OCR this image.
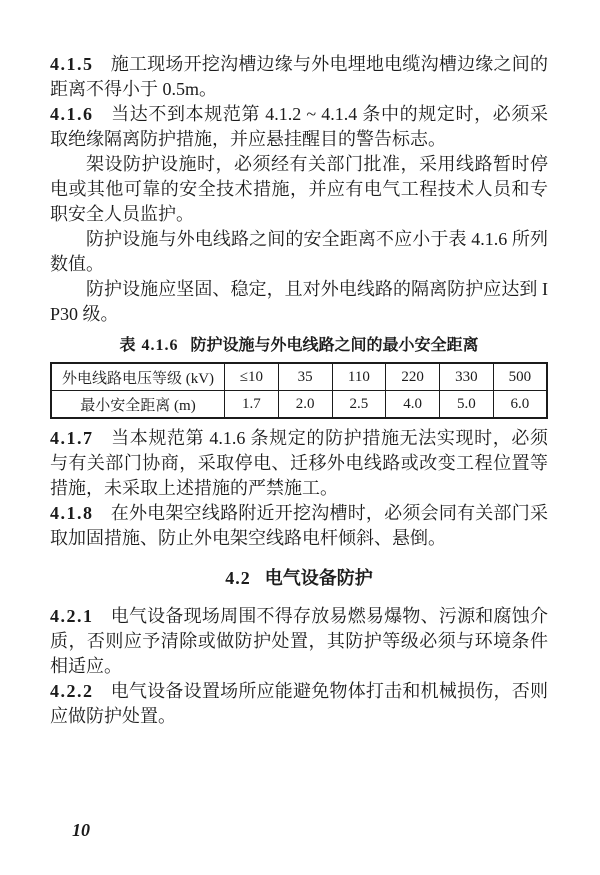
4.1.5 施工现场开挖沟槽边缘与外电埋地电缆沟槽边缘之间的距离不得小于 0.5m。

4.1.6 当达不到本规范第 4.1.2 ~ 4.1.4 条中的规定时，必须采取绝缘隔离防护措施，并应悬挂醒目的警告标志。

架设防护设施时，必须经有关部门批准，采用线路暂时停电或其他可靠的安全技术措施，并应有电气工程技术人员和专职安全人员监护。

防护设施与外电线路之间的安全距离不应小于表 4.1.6 所列数值。

防护设施应坚固、稳定，且对外电线路的隔离防护应达到 IP30 级。

表 4.1.6 防护设施与外电线路之间的最小安全距离

外电线路电压等级 (kV)	≤10	35	110	220	330	500
最小安全距离 (m)	1.7	2.0	2.5	4.0	5.0	6.0

4.1.7 当本规范第 4.1.6 条规定的防护措施无法实现时，必须与有关部门协商，采取停电、迁移外电线路或改变工程位置等措施，未采取上述措施的严禁施工。

4.1.8 在外电架空线路附近开挖沟槽时，必须会同有关部门采取加固措施、防止外电架空线路电杆倾斜、悬倒。

4.2 电气设备防护

4.2.1 电气设备现场周围不得存放易燃易爆物、污源和腐蚀介质，否则应予清除或做防护处置，其防护等级必须与环境条件相适应。

4.2.2 电气设备设置场所应能避免物体打击和机械损伤，否则应做防护处置。

10
